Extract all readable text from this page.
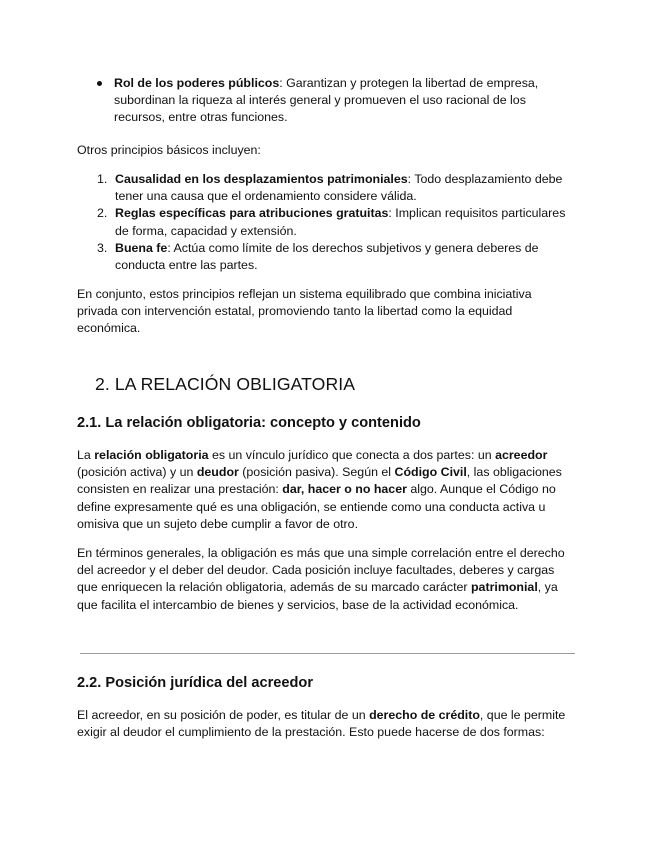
Rol de los poderes públicos: Garantizan y protegen la libertad de empresa, subordinan la riqueza al interés general y promueven el uso racional de los recursos, entre otras funciones.

Otros principios básicos incluyen:

1. Causalidad en los desplazamientos patrimoniales: Todo desplazamiento debe tener una causa que el ordenamiento considere válida.
2. Reglas específicas para atribuciones gratuitas: Implican requisitos particulares de forma, capacidad y extensión.
3. Buena fe: Actúa como límite de los derechos subjetivos y genera deberes de conducta entre las partes.

En conjunto, estos principios reflejan un sistema equilibrado que combina iniciativa privada con intervención estatal, promoviendo tanto la libertad como la equidad económica.

2. LA RELACIÓN OBLIGATORIA
2.1. La relación obligatoria: concepto y contenido

La relación obligatoria es un vínculo jurídico que conecta a dos partes: un acreedor (posición activa) y un deudor (posición pasiva). Según el Código Civil, las obligaciones consisten en realizar una prestación: dar, hacer o no hacer algo. Aunque el Código no define expresamente qué es una obligación, se entiende como una conducta activa u omisiva que un sujeto debe cumplir a favor de otro.

En términos generales, la obligación es más que una simple correlación entre el derecho del acreedor y el deber del deudor. Cada posición incluye facultades, deberes y cargas que enriquecen la relación obligatoria, además de su marcado carácter patrimonial, ya que facilita el intercambio de bienes y servicios, base de la actividad económica.

2.2. Posición jurídica del acreedor

El acreedor, en su posición de poder, es titular de un derecho de crédito, que le permite exigir al deudor el cumplimiento de la prestación. Esto puede hacerse de dos formas:
